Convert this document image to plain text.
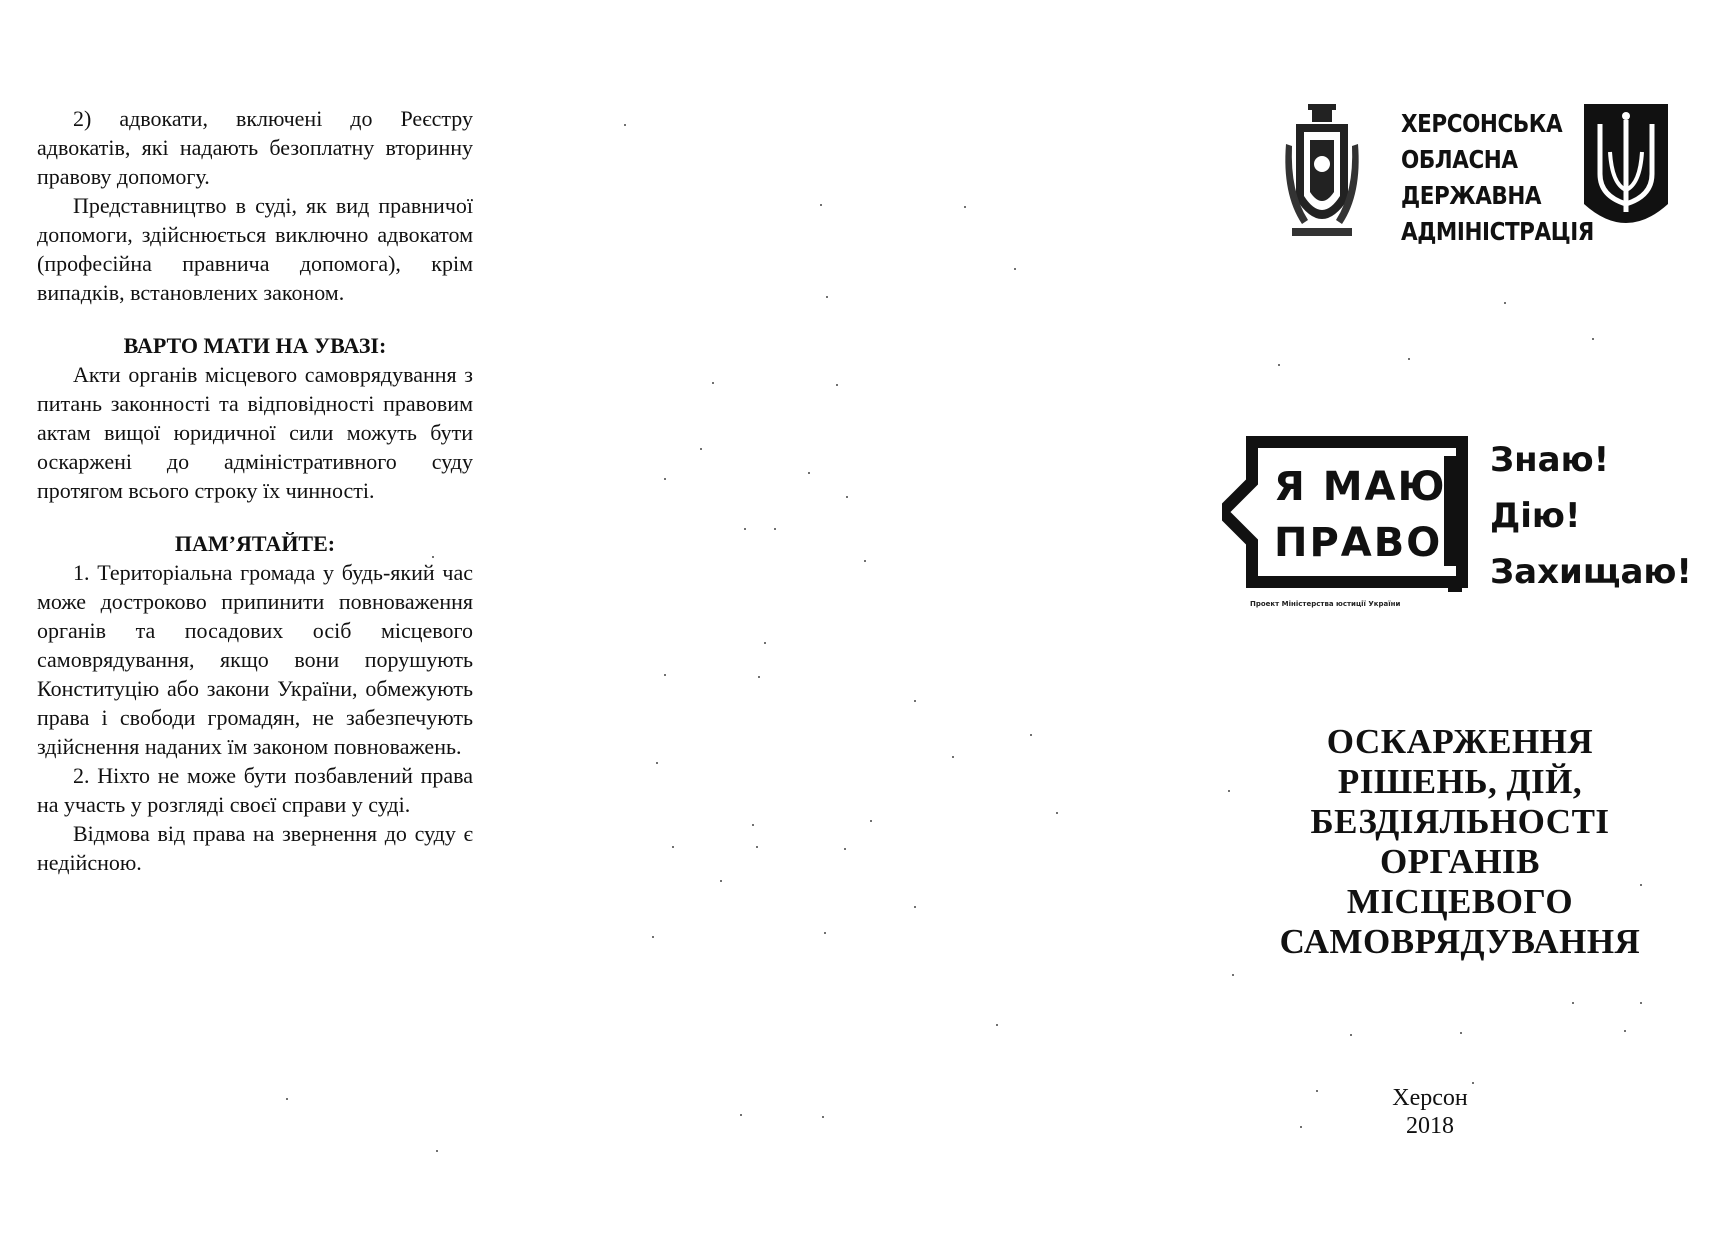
2) адвокати, включені до Реєстру адвокатів, які надають безоплатну вторинну правову допомогу.

Представництво в суді, як вид правничої допомоги, здійснюється виключно адвокатом (професійна правнича допомога), крім випадків, встановлених законом.

ВАРТО МАТИ НА УВАЗІ:

Акти органів місцевого самоврядування з питань законності та відповідності правовим актам вищої юридичної сили можуть бути оскаржені до адміністративного суду протягом всього строку їх чинності.

ПАМ’ЯТАЙТЕ:

1. Територіальна громада у будь-який час може достроково припинити повноваження органів та посадових осіб місцевого самоврядування, якщо вони порушують Конституцію або закони України, обмежують права і свободи громадян, не забезпечують здійснення наданих їм законом повноважень.

2. Ніхто не може бути позбавлений права на участь у розгляді своєї справи у суді.

Відмова від права на звернення до суду є недійсною.

ХЕРСОНСЬКА
ОБЛАСНА
ДЕРЖАВНА
АДМІНІСТРАЦІЯ
Я МАЮ
ПРАВО
Проект Міністерства юстиції України
Знаю!
Дію!
Захищаю!
ОСКАРЖЕННЯ
РІШЕНЬ, ДІЙ,
БЕЗДІЯЛЬНОСТІ
ОРГАНІВ
МІСЦЕВОГО
САМОВРЯДУВАННЯ
Херсон
2018
